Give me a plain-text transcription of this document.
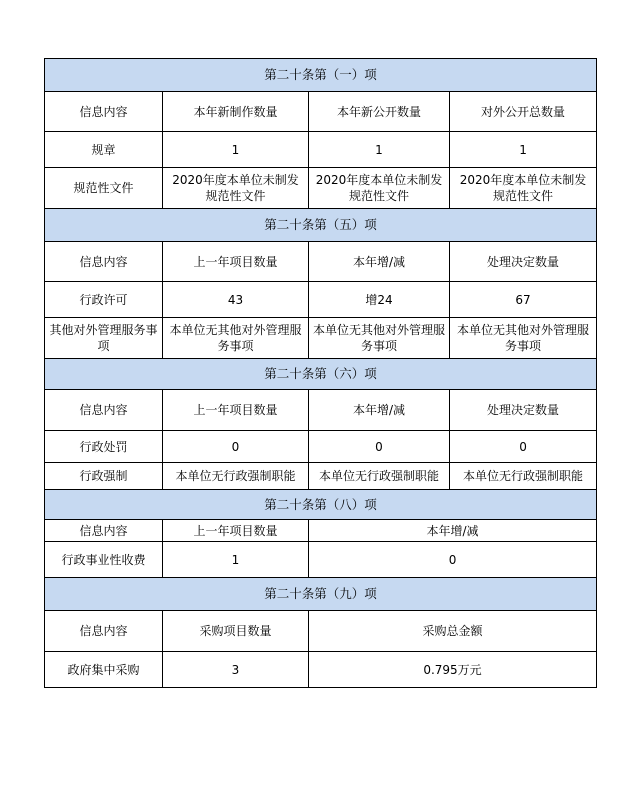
第二十条第（一）项			
信息内容	本年新制作数量	本年新公开数量	对外公开总数量
规章	1	1	1
规范性文件	2020年度本单位未制发规范性文件	2020年度本单位未制发规范性文件	2020年度本单位未制发规范性文件
第二十条第（五）项			
信息内容	上一年项目数量	本年增/减	处理决定数量
行政许可	43	增24	67
其他对外管理服务事项	本单位无其他对外管理服务事项	本单位无其他对外管理服务事项	本单位无其他对外管理服务事项
第二十条第（六）项			
信息内容	上一年项目数量	本年增/减	处理决定数量
行政处罚	0	0	0
行政强制	本单位无行政强制职能	本单位无行政强制职能	本单位无行政强制职能
第二十条第（八）项			
信息内容	上一年项目数量	本年增/减	
行政事业性收费	1	0	
第二十条第（九）项			
信息内容	采购项目数量	采购总金额	
政府集中采购	3	0.795万元	
